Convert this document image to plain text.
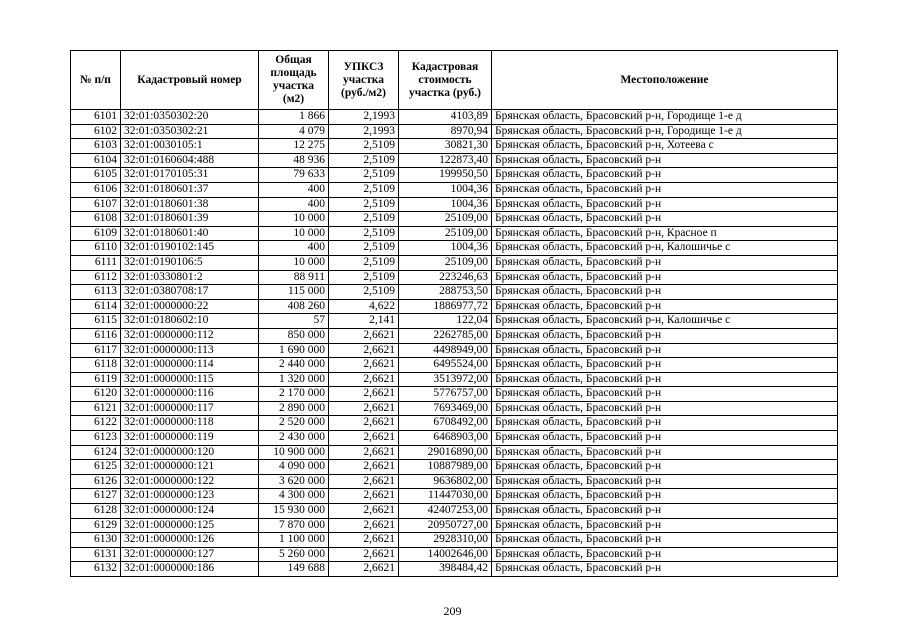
№ п/п	Кадастровый номер	Общая площадь участка (м2)	УПКСЗ участка (руб./м2)	Кадастровая стоимость участка (руб.)	Местоположение
6101	32:01:0350302:20	1 866	2,1993	4103,89	Брянская область, Брасовский р-н, Городище 1-е д
6102	32:01:0350302:21	4 079	2,1993	8970,94	Брянская область, Брасовский р-н, Городище 1-е д
6103	32:01:0030105:1	12 275	2,5109	30821,30	Брянская область, Брасовский р-н, Хотеева с
6104	32:01:0160604:488	48 936	2,5109	122873,40	Брянская область, Брасовский р-н
6105	32:01:0170105:31	79 633	2,5109	199950,50	Брянская область, Брасовский р-н
6106	32:01:0180601:37	400	2,5109	1004,36	Брянская область, Брасовский р-н
6107	32:01:0180601:38	400	2,5109	1004,36	Брянская область, Брасовский р-н
6108	32:01:0180601:39	10 000	2,5109	25109,00	Брянская область, Брасовский р-н
6109	32:01:0180601:40	10 000	2,5109	25109,00	Брянская область, Брасовский р-н, Красное п
6110	32:01:0190102:145	400	2,5109	1004,36	Брянская область, Брасовский р-н, Калошичье с
6111	32:01:0190106:5	10 000	2,5109	25109,00	Брянская область, Брасовский р-н
6112	32:01:0330801:2	88 911	2,5109	223246,63	Брянская область, Брасовский р-н
6113	32:01:0380708:17	115 000	2,5109	288753,50	Брянская область, Брасовский р-н
6114	32:01:0000000:22	408 260	4,622	1886977,72	Брянская область, Брасовский р-н
6115	32:01:0180602:10	57	2,141	122,04	Брянская область, Брасовский р-н, Калошичье с
6116	32:01:0000000:112	850 000	2,6621	2262785,00	Брянская область, Брасовский р-н
6117	32:01:0000000:113	1 690 000	2,6621	4498949,00	Брянская область, Брасовский р-н
6118	32:01:0000000:114	2 440 000	2,6621	6495524,00	Брянская область, Брасовский р-н
6119	32:01:0000000:115	1 320 000	2,6621	3513972,00	Брянская область, Брасовский р-н
6120	32:01:0000000:116	2 170 000	2,6621	5776757,00	Брянская область, Брасовский р-н
6121	32:01:0000000:117	2 890 000	2,6621	7693469,00	Брянская область, Брасовский р-н
6122	32:01:0000000:118	2 520 000	2,6621	6708492,00	Брянская область, Брасовский р-н
6123	32:01:0000000:119	2 430 000	2,6621	6468903,00	Брянская область, Брасовский р-н
6124	32:01:0000000:120	10 900 000	2,6621	29016890,00	Брянская область, Брасовский р-н
6125	32:01:0000000:121	4 090 000	2,6621	10887989,00	Брянская область, Брасовский р-н
6126	32:01:0000000:122	3 620 000	2,6621	9636802,00	Брянская область, Брасовский р-н
6127	32:01:0000000:123	4 300 000	2,6621	11447030,00	Брянская область, Брасовский р-н
6128	32:01:0000000:124	15 930 000	2,6621	42407253,00	Брянская область, Брасовский р-н
6129	32:01:0000000:125	7 870 000	2,6621	20950727,00	Брянская область, Брасовский р-н
6130	32:01:0000000:126	1 100 000	2,6621	2928310,00	Брянская область, Брасовский р-н
6131	32:01:0000000:127	5 260 000	2,6621	14002646,00	Брянская область, Брасовский р-н
6132	32:01:0000000:186	149 688	2,6621	398484,42	Брянская область, Брасовский р-н
209
